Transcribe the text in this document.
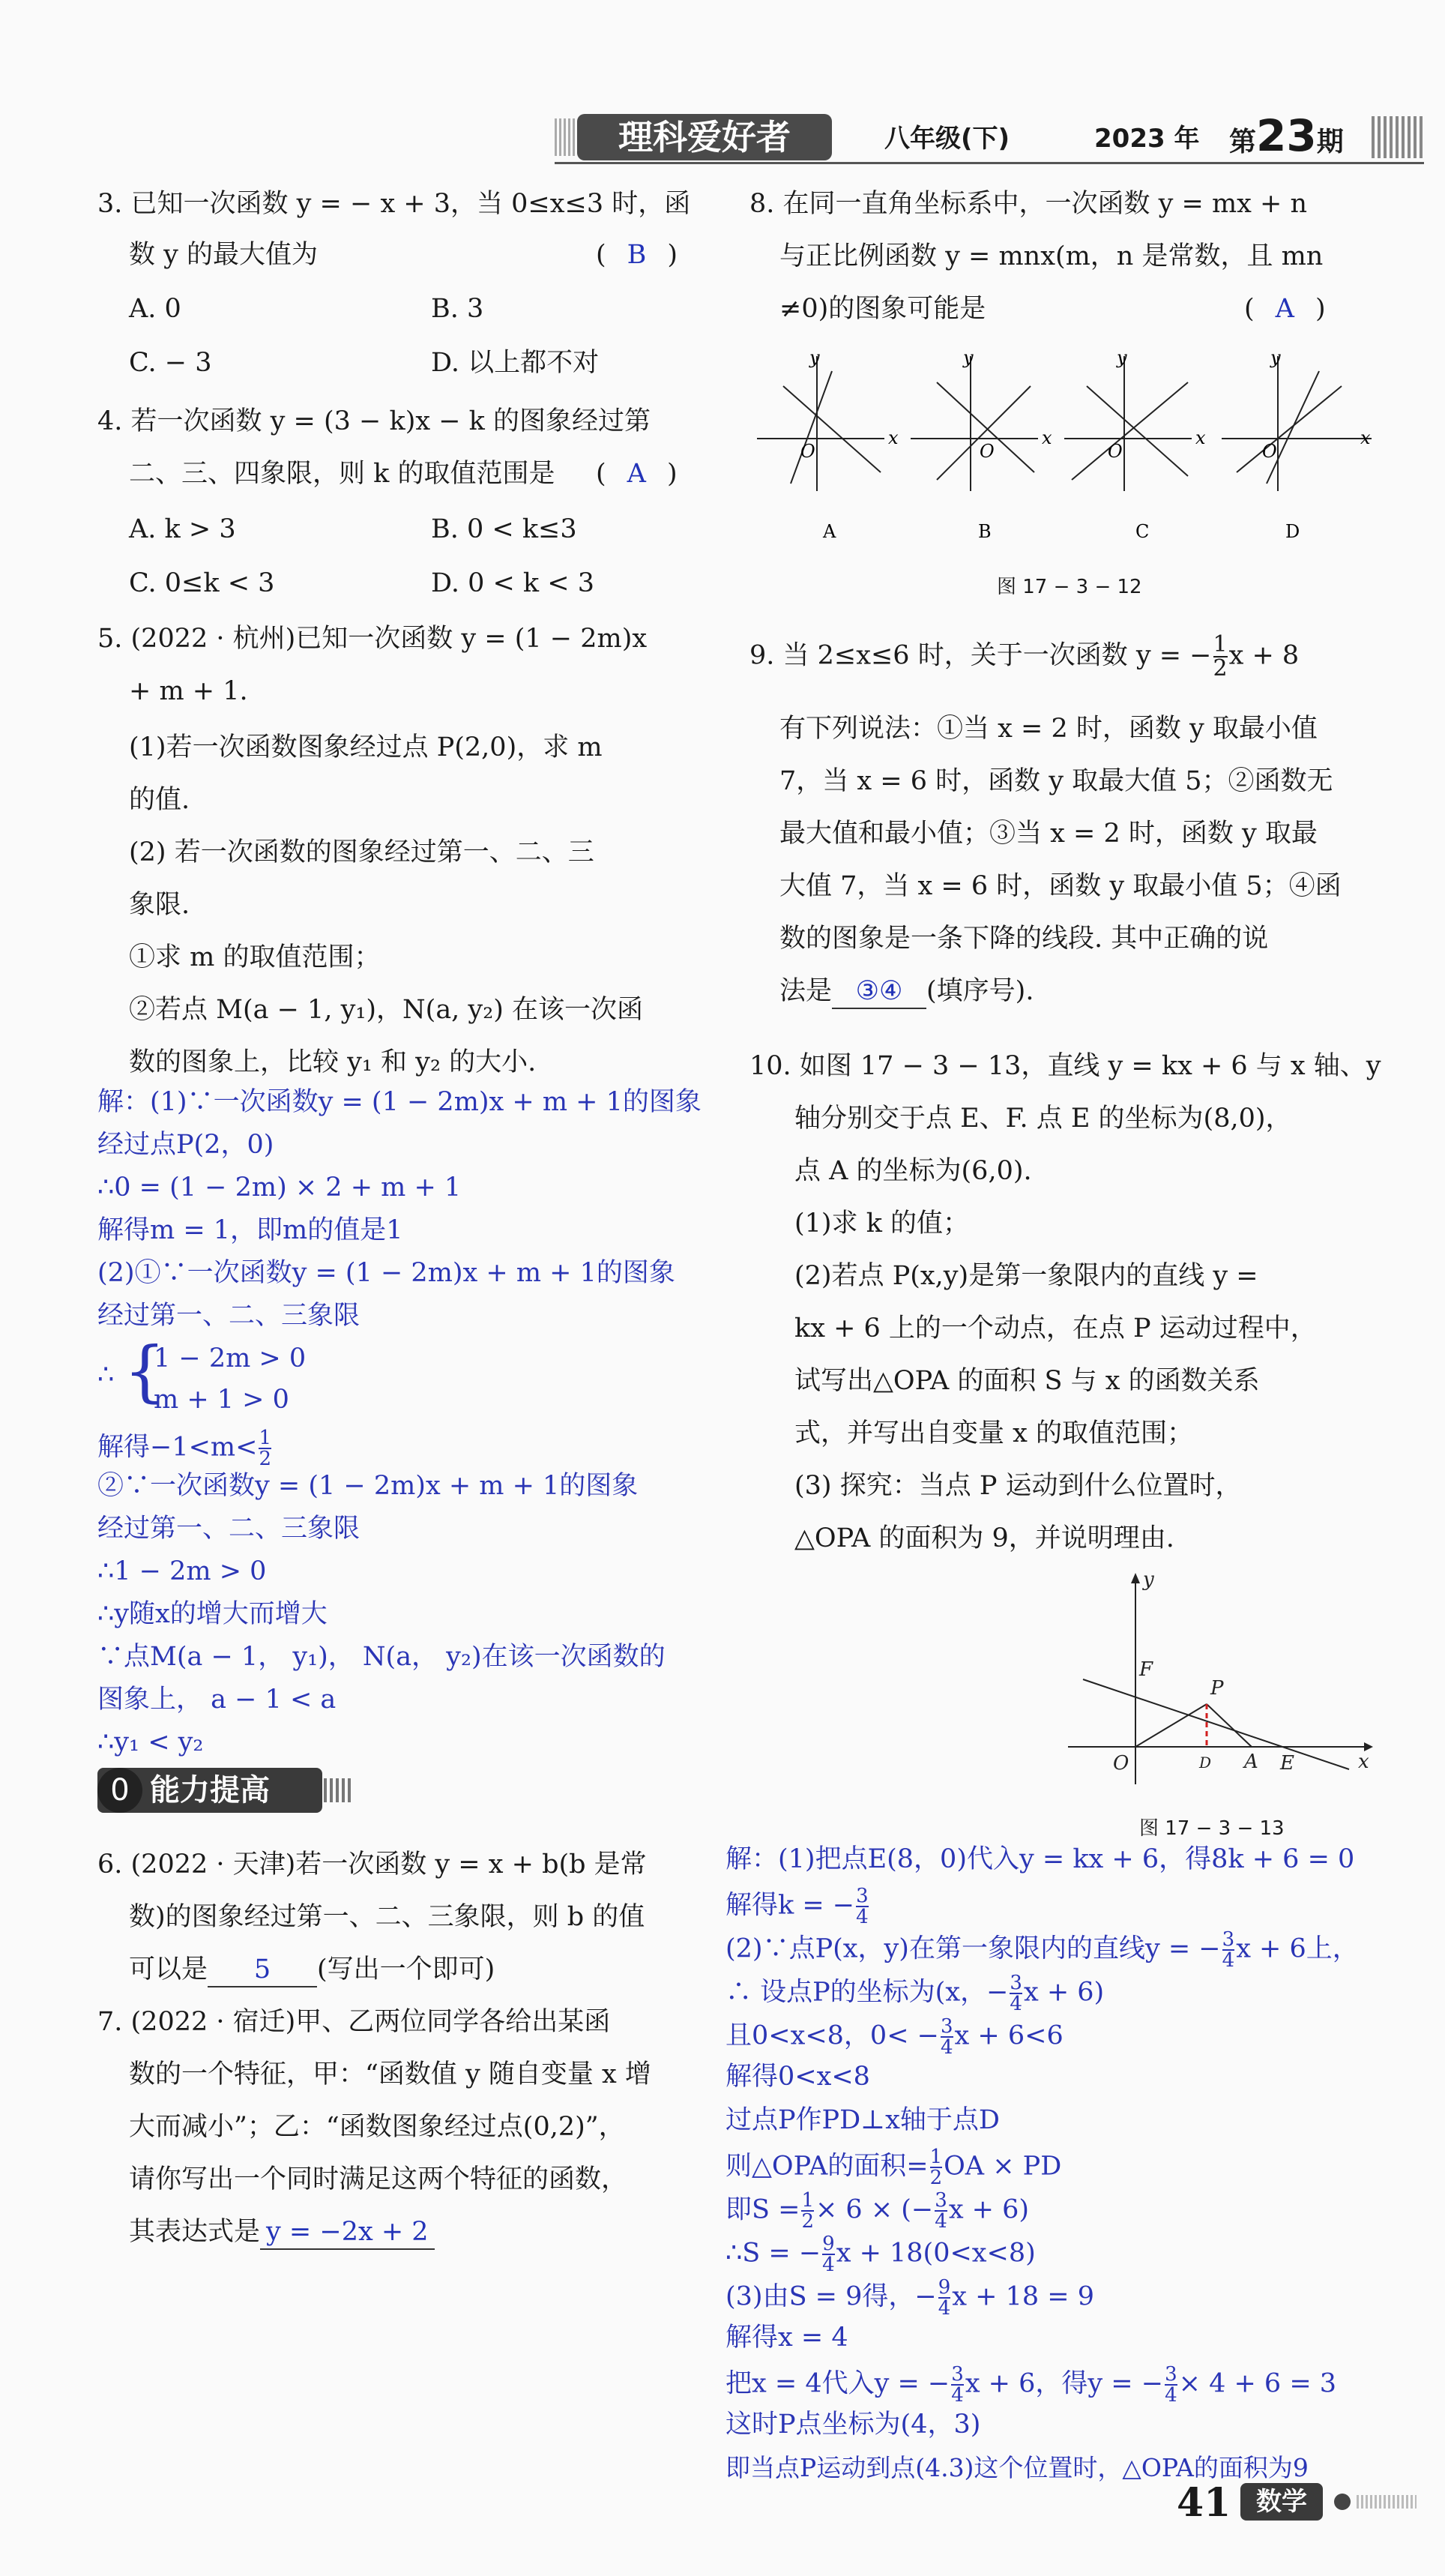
理科爱好者	八年级(下)	2023 年 第23期
3. 已知一次函数 y = − x + 3，当 0≤x≤3 时，函
数 y 的最大值为	( B )
A. 0	B. 3
C. − 3	D. 以上都不对
4. 若一次函数 y = (3 − k)x − k 的图象经过第
二、三、四象限，则 k 的取值范围是 ( A )
A. k > 3	B. 0 < k≤3
C. 0≤k < 3	D. 0 < k < 3
5. (2022 · 杭州)已知一次函数 y = (1 − 2m)x
+ m + 1.
(1)若一次函数图象经过点 P(2,0)，求 m
的值.
(2) 若一次函数的图象经过第一、二、三
象限.
①求 m 的取值范围；
②若点 M(a − 1, y₁)，N(a, y₂) 在该一次函
数的图象上，比较 y₁ 和 y₂ 的大小.
解：(1)∵一次函数y = (1 − 2m)x + m + 1的图象
经过点P(2，0)
∴0 = (1 − 2m) × 2 + m + 1
解得m = 1，即m的值是1
(2)①∵一次函数y = (1 − 2m)x + m + 1的图象
经过第一、二、三象限
∴ {
1 − 2m > 0
m + 1 > 0
解得$-1<m< \frac{1}{2}$
②∵一次函数y = (1 − 2m)x + m + 1的图象
经过第一、二、三象限
∴1 − 2m > 0
∴y随x的增大而增大
∵点M(a − 1， y₁)， N(a， y₂)在该一次函数的
图象上， a − 1 < a
∴y₁ < y₂
能力提高
0
6. (2022 · 天津)若一次函数 y = x + b(b 是常
数)的图象经过第一、二、三象限，则 b 的值
可以是 5 (写出一个即可)
7. (2022 · 宿迁)甲、乙两位同学各给出某函
数的一个特征，甲：“函数值 y 随自变量 x 增
大而减小”；乙：“函数图象经过点(0,2)”，
请你写出一个同时满足这两个特征的函数，
其表达式是 y = −2x + 2
8. 在同一直角坐标系中，一次函数 y = mx + n
与正比例函数 y = mnx(m，n 是常数，且 mn
≠0)的图象可能是	( A )
y
x
O
A
y
x
O
B
y
x
O
C
y
x
O
D
图 17 − 3 − 12
9. 当 2≤x≤6 时，关于一次函数 y = − $\frac{1}{2}$ x + 8
有下列说法：①当 x = 2 时，函数 y 取最小值
7，当 x = 6 时，函数 y 取最大值 5；②函数无
最大值和最小值；③当 x = 2 时，函数 y 取最
大值 7，当 x = 6 时，函数 y 取最小值 5；④函
数的图象是一条下降的线段. 其中正确的说
法是 ③④ (填序号).
10. 如图 17 − 3 − 13，直线 y = kx + 6 与 x 轴、y
轴分别交于点 E、F. 点 E 的坐标为(8,0)，
点 A 的坐标为(6,0).
(1)求 k 的值；
(2)若点 P(x,y)是第一象限内的直线 y =
kx + 6 上的一个动点，在点 P 运动过程中，
试写出△OPA 的面积 S 与 x 的函数关系
式，并写出自变量 x 的取值范围；
(3) 探究：当点 P 运动到什么位置时，
△OPA 的面积为 9，并说明理由.
y
F
P
O	D A E	x
图 17 − 3 − 13
解：(1)把点E(8，0)代入y = kx + 6，得8k + 6 = 0
解得k = − $\frac{3}{4}$
(2)∵点P(x，y)在第一象限内的直线y = − $\frac{3}{4}$ x + 6上，
∴ 设点P的坐标为(x，− $\frac{3}{4}$ x + 6)
且0<x<8，$0< - \frac{3}{4}$ x + 6<6
解得0<x<8
过点P作PD⊥x轴于点D
则△OPA的面积= $\frac{1}{2}$ OA × PD
即$S = \frac{1}{2} \times 6$ × (− $\frac{3}{4}$ x + 6)
∴S = − $\frac{9}{4}$ x + 18(0<x<8)
(3)由S = 9得，− $\frac{9}{4}$ x + 18 = 9
解得x = 4
把x = 4代入y = − $\frac{3}{4}$ x + 6，得y = − $\frac{3}{4} \times 4 + 6 = 3$
这时P点坐标为(4，3)
即当点P运动到点(4.3)这个位置时，△OPA的面积为9
41 数学
